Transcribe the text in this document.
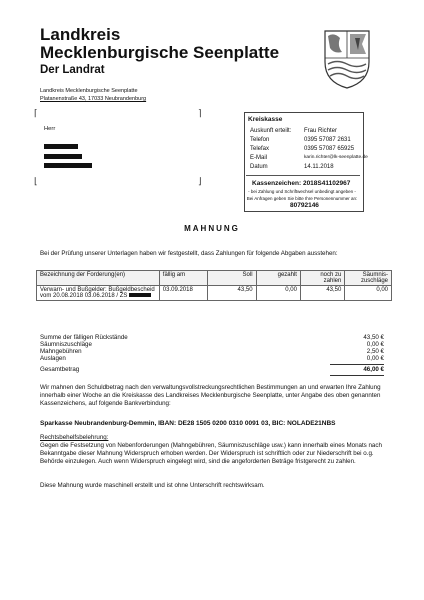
Landkreis
Mecklenburgische Seenplatte
Der Landrat
Landkreis Mecklenburgische Seenplatte
Platanenstraße 43, 17033 Neubrandenburg
⌈	⌉
⌊	⌋
Herr
POLEN
Kreiskasse
Auskunft erteilt: Frau Richter
Telefon	0395 57087 2631
Telefax	0395 57087 65925
E-Mail	karin.richter@lk-seenplatte.de
Datum	14.11.2018
Kassenzeichen: 2018S41102967
- bei Zahlung und Schriftwechsel unbedingt angeben -
Bei Anfragen geben Sie bitte Ihre Personennummer an:
80792146
MAHNUNG
Bei der Prüfung unserer Unterlagen haben wir festgestellt, dass Zahlungen für folgende Abgaben ausstehen:
Bezeichnung der Forderung(en)	fällig am	Soll	gezahlt	noch zu zahlen	Säumnis-zuschläge
Verwarn- und Bußgelder: Bußgeldbescheid vom 20.08.2018 03.06.2018 / ZS	03.09.2018	43,50	0,00	43,50	0,00
Summe der fälligen Rückstände	43,50 €
Säumniszuschläge	0,00 €
Mahngebühren	2,50 €
Auslagen	0,00 €
Gesamtbetrag	46,00 €
Wir mahnen den Schuldbetrag nach den verwaltungsvollstreckungsrechtlichen Bestimmungen an und erwarten Ihre Zahlung innerhalb einer Woche an die Kreiskasse des Landkreises Mecklenburgische Seenplatte, unter Angabe des oben genannten Kassenzeichens, auf folgende Bankverbindung:
Sparkasse Neubrandenburg-Demmin, IBAN: DE28 1505 0200 0310 0091 03, BIC: NOLADE21NBS
Rechtsbehelfsbelehrung:
Gegen die Festsetzung von Nebenforderungen (Mahngebühren, Säumniszuschläge usw.) kann innerhalb eines Monats nach Bekanntgabe dieser Mahnung Widerspruch erhoben werden. Der Widerspruch ist schriftlich oder zur Niederschrift bei o.g. Behörde einzulegen. Auch wenn Widerspruch eingelegt wird, sind die angeforderten Beträge fristgerecht zu zahlen.
Diese Mahnung wurde maschinell erstellt und ist ohne Unterschrift rechtswirksam.
